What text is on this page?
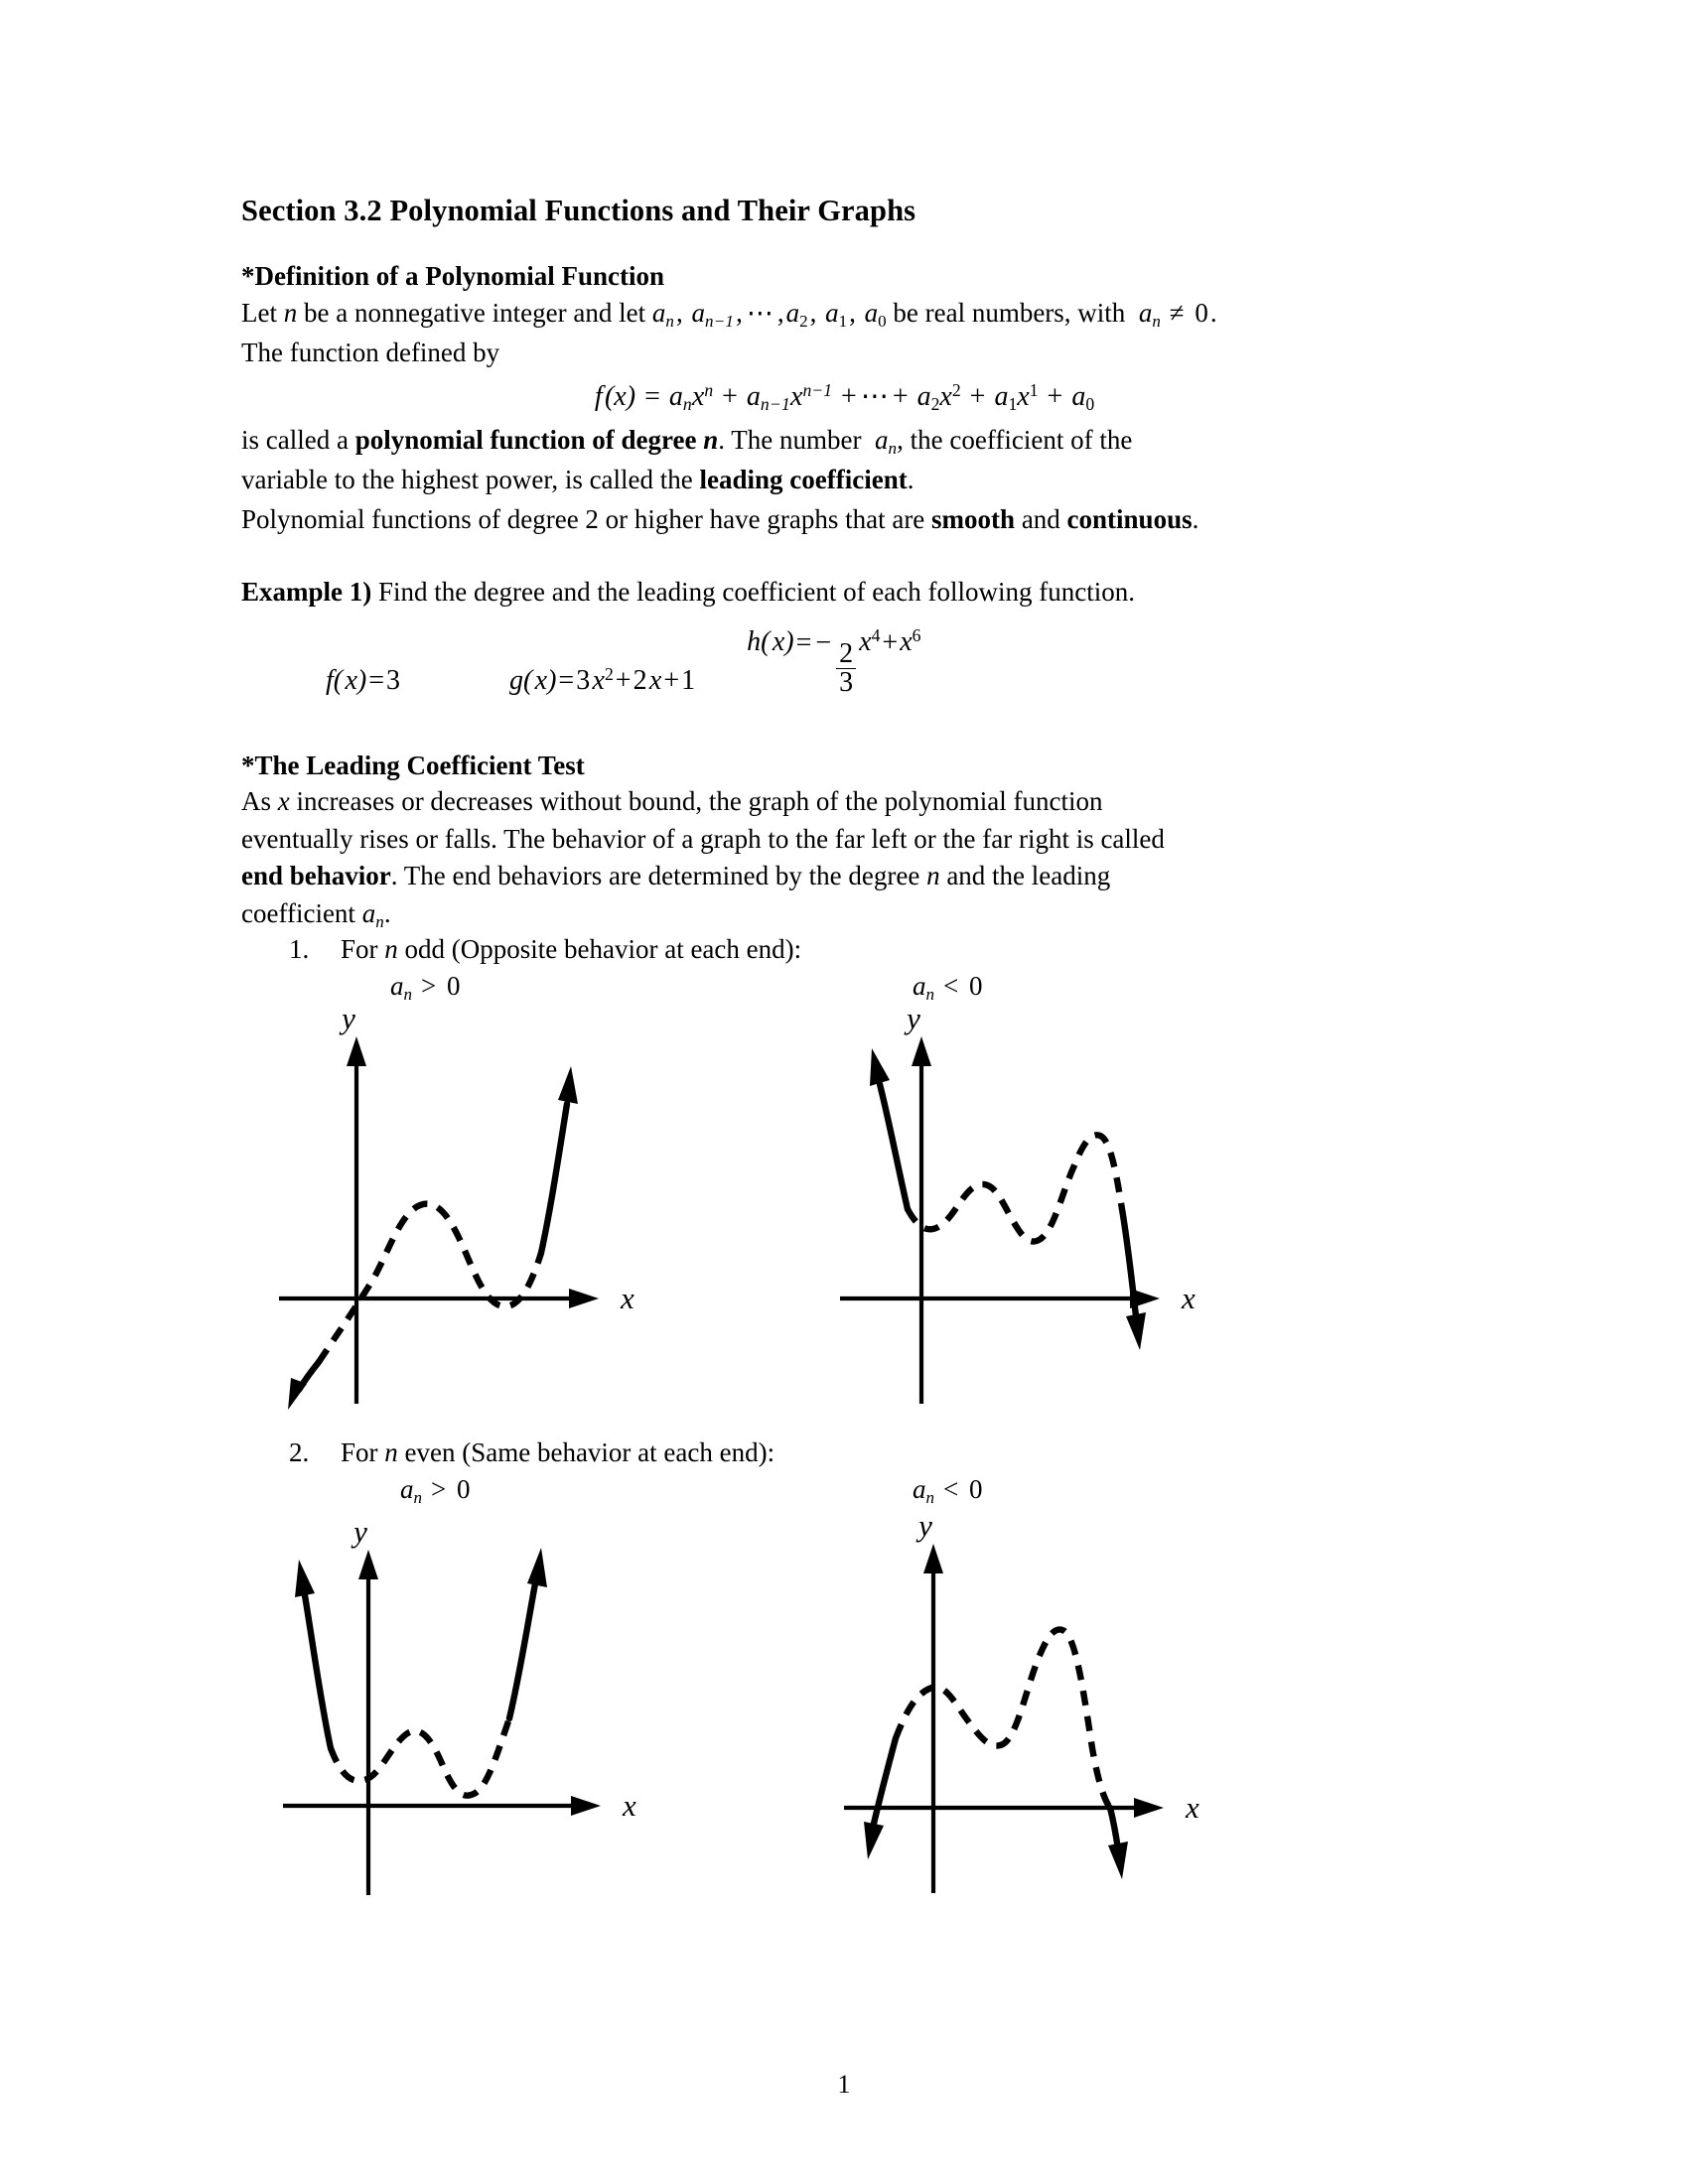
Section 3.2 Polynomial Functions and Their Graphs
*Definition of a Polynomial Function
Let n be a nonnegative integer and let $a_n$, $a_{n-1}$, ⋯ ,a2, a1, a0 be real numbers, with  $a_n \ne 0$.
The function defined by
f $(x) = a_nx^n + a_{n-1}x^{n-1}$ + ⋯ + $a2x^2 + a1x^1 + a0$
is called a polynomial function of degree n. The number  $a_n$, the coefficient of the
variable to the highest power, is called the leading coefficient.
Polynomial functions of degree 2 or higher have graphs that are smooth and continuous.
Example 1) Find the degree and the leading coefficient of each following function.
f( x)=3	g( x)=3 $x^2+2$ x+1
h( $x)= - \frac{2}{3} x^4+x^6$
*The Leading Coefficient Test
As x increases or decreases without bound, the graph of the polynomial function
eventually rises or falls. The behavior of a graph to the far left or the far right is called
end behavior. The end behaviors are determined by the degree n and the leading
coefficient $a_n$.
1.	For n odd (Opposite behavior at each end):
$a_n > 0$	$a_n < 0$
y
x
y
x
2.	For n even (Same behavior at each end):
$a_n > 0$	$a_n < 0$
y
x
y
x
1
